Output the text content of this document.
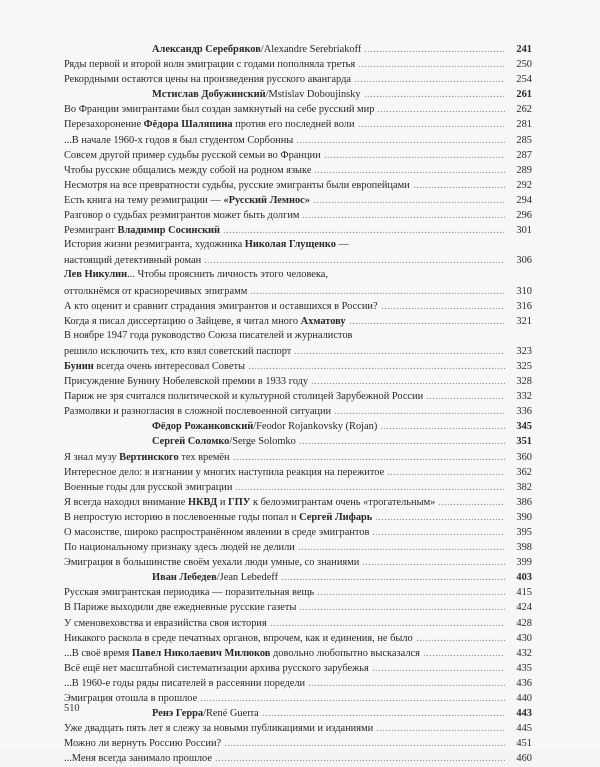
Александр Серебряков/Alexandre Serebriakoff	241
Ряды первой и второй волн эмиграции с годами пополняла третья	250
Рекордными остаются цены на произведения русского авангарда	254
Мстислав Добужинский/Mstislav Doboujinsky	261
Во Франции эмигрантами был создан замкнутый на себе русский мир	262
Перезахоронение Фёдора Шаляпина против его последней воли	281
...В начале 1960-х годов я был студентом Сорбонны	285
Совсем другой пример судьбы русской семьи во Франции	287
Чтобы русские общались между собой на родном языке	289
Несмотря на все превратности судьбы, русские эмигранты были европейцами	292
Есть книга на тему реэмиграции — «Русский Лемнос»	294
Разговор о судьбах реэмигрантов может быть долгим	296
Реэмигрант Владимир Сосинский	301
История жизни реэмигранта, художника Николая Глущенко —
настоящий детективный роман	306
Лев Никулин... Чтобы прояснить личность этого человека,
оттолкнёмся от красноречивых эпиграмм	310
А кто оценит и сравнит страдания эмигрантов и оставшихся в России?	316
Когда я писал диссертацию о Зайцеве, я читал много Ахматову	321
В ноябре 1947 года руководство Союза писателей и журналистов
решило исключить тех, кто взял советский паспорт	323
Бунин всегда очень интересовал Советы	325
Присуждение Бунину Нобелевской премии в 1933 году	328
Париж не зря считался политической и культурной столицей Зарубежной России	332
Размолвки и разногласия в сложной послевоенной ситуации	336
Фёдор Рожанковский/Feodor Rojankovsky (Rojan)	345
Сергей Соломко/Serge Solomko	351
Я знал музу Вертинского тех времён	360
Интересное дело: в изгнании у многих наступила реакция на пережитое	362
Военные годы для русской эмиграции	382
Я всегда находил внимание НКВД и ГПУ к белоэмигрантам очень «трогательным»	386
В непростую историю в послевоенные годы попал и Сергей Лифарь	390
О масонстве, широко распространённом явлении в среде эмигрантов	395
По национальному признаку здесь людей не делили	398
Эмиграция в большинстве своём уехали люди умные, со знаниями	399
Иван Лебедев/Jean Lebedeff	403
Русская эмигрантская периодика — поразительная вещь	415
В Париже выходили две ежедневные русские газеты	424
У сменовеховства и евразийства своя история	428
Никакого раскола в среде печатных органов, впрочем, как и единения, не было	430
...В своё время Павел Николаевич Милюков довольно любопытно высказался	432
Всё ещё нет масштабной систематизации архива русского зарубежья	435
...В 1960-е годы ряды писателей в рассеянии поредели	436
Эмиграция отошла в прошлое	440
Ренэ Герра/René Guerra	443
Уже двадцать пять лет я слежу за новыми публикациями и изданиями	445
Можно ли вернуть Россию России?	451
...Меня всегда занимало прошлое	460
510
